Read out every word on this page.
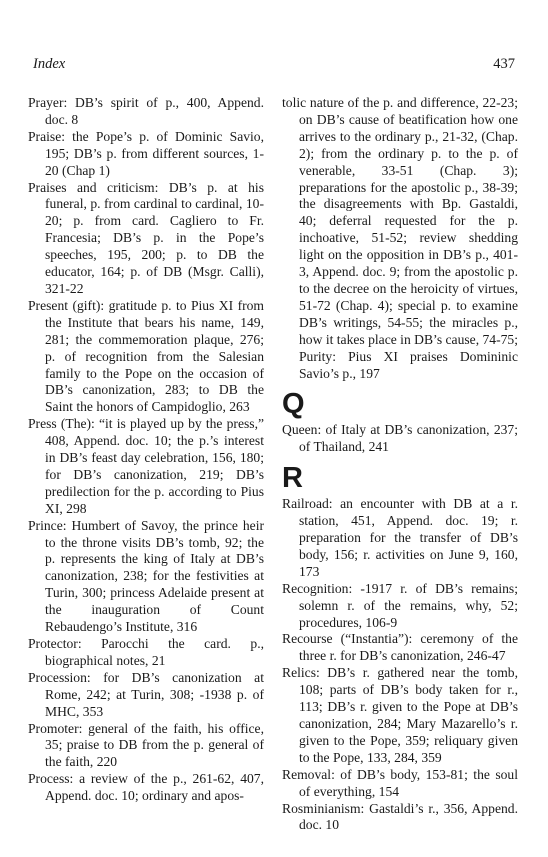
Index	437

Prayer: DB’s spirit of p., 400, Append. doc. 8

Praise: the Pope’s p. of Dominic Savio, 195; DB’s p. from different sources, 1-20 (Chap 1)

Praises and criticism: DB’s p. at his funeral, p. from cardinal to cardinal, 10-20; p. from card. Cagliero to Fr. Francesia; DB’s p. in the Pope’s speeches, 195, 200; p. to DB the educator, 164; p. of DB (Msgr. Calli), 321-22

Present (gift): gratitude p. to Pius XI from the Institute that bears his name, 149, 281; the commemoration plaque, 276; p. of recognition from the Salesian family to the Pope on the occasion of DB’s canonization, 283; to DB the Saint the honors of Campidoglio, 263

Press (The): “it is played up by the press,” 408, Append. doc. 10; the p.’s interest in DB’s feast day celebration, 156, 180; for DB’s canonization, 219; DB’s predilection for the p. according to Pius XI, 298

Prince: Humbert of Savoy, the prince heir to the throne visits DB’s tomb, 92; the p. represents the king of Italy at DB’s canonization, 238; for the festivities at Turin, 300; princess Adelaide present at the inauguration of Count Rebaudengo’s Institute, 316

Protector: Parocchi the card. p., biographical notes, 21

Procession: for DB’s canonization at Rome, 242; at Turin, 308; -1938 p. of MHC, 353

Promoter: general of the faith, his office, 35; praise to DB from the p. general of the faith, 220

Process: a review of the p., 261-62, 407, Append. doc. 10; ordinary and apos-

tolic nature of the p. and difference, 22-23; on DB’s cause of beatification how one arrives to the ordinary p., 21-32, (Chap. 2); from the ordinary p. to the p. of venerable, 33-51 (Chap. 3); preparations for the apostolic p., 38-39; the disagreements with Bp. Gastaldi, 40; deferral requested for the p. inchoative, 51-52; review shedding light on the opposition in DB’s p., 401-3, Append. doc. 9; from the apostolic p. to the decree on the heroicity of virtues, 51-72 (Chap. 4); special p. to examine DB’s writings, 54-55; the miracles p., how it takes place in DB’s cause, 74-75; Purity: Pius XI praises Domininic Savio’s p., 197

Q

Queen: of Italy at DB’s canonization, 237; of Thailand, 241

R

Railroad: an encounter with DB at a r. station, 451, Append. doc. 19; r. preparation for the transfer of DB’s body, 156; r. activities on June 9, 160, 173

Recognition: -1917 r. of DB’s remains; solemn r. of the remains, why, 52; procedures, 106-9

Recourse (“Instantia”): ceremony of the three r. for DB’s canonization, 246-47

Relics: DB’s r. gathered near the tomb, 108; parts of DB’s body taken for r., 113; DB’s r. given to the Pope at DB’s canonization, 284; Mary Mazarello’s r. given to the Pope, 359; reliquary given to the Pope, 133, 284, 359

Removal: of DB’s body, 153-81; the soul of everything, 154

Rosminianism: Gastaldi’s r., 356, Append. doc. 10
